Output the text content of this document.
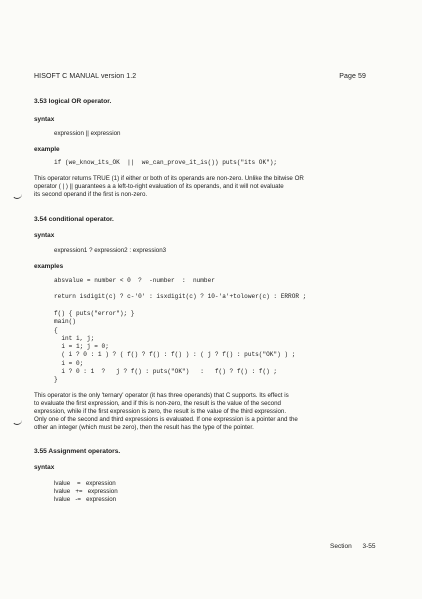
HISOFT C MANUAL version 1.2	Page 59
3.53 logical OR operator.
syntax
expression || expression
example
if (we_know_its_OK  ||  we_can_prove_it_is()) puts("its OK");
This operator returns TRUE (1) if either or both of its operands are non-zero. Unlike the bitwise OR
operator ( | ) || guarantees a a left-to-right evaluation of its operands, and it will not evaluate
its second operand if the first is non-zero.
3.54 conditional operator.
syntax
expression1 ? expression2 : expression3
examples
absvalue = number < 0  ?  -number  :  number
return isdigit(c) ? c-'0' : isxdigit(c) ? 10-'a'+tolower(c) : ERROR ;
f() { puts("error"); }
main()
{
int i, j;
i = 1; j = 0;
( i ? 0 : 1 ) ? ( f() ? f() : f() ) : ( j ? f() : puts("OK") ) ;
i = 0;
i ? 0 : 1  ?   j ? f() : puts("OK")   :   f() ? f() : f() ;
}
This operator is the only 'ternary' operator (it has three operands) that C supports. Its effect is
to evaluate the first expression, and if this is non-zero, the result is the value of the second
expression, while if the first expression is zero, the result is the value of the third expression.
Only one of the second and third expressions is evaluated. If one expression is a pointer and the
other an integer (which must be zero), then the result has the type of the pointer.
3.55 Assignment operators.
syntax
lvalue    =   expression
lvalue   +=   expression
lvalue   -=   expression
Section      3-55
